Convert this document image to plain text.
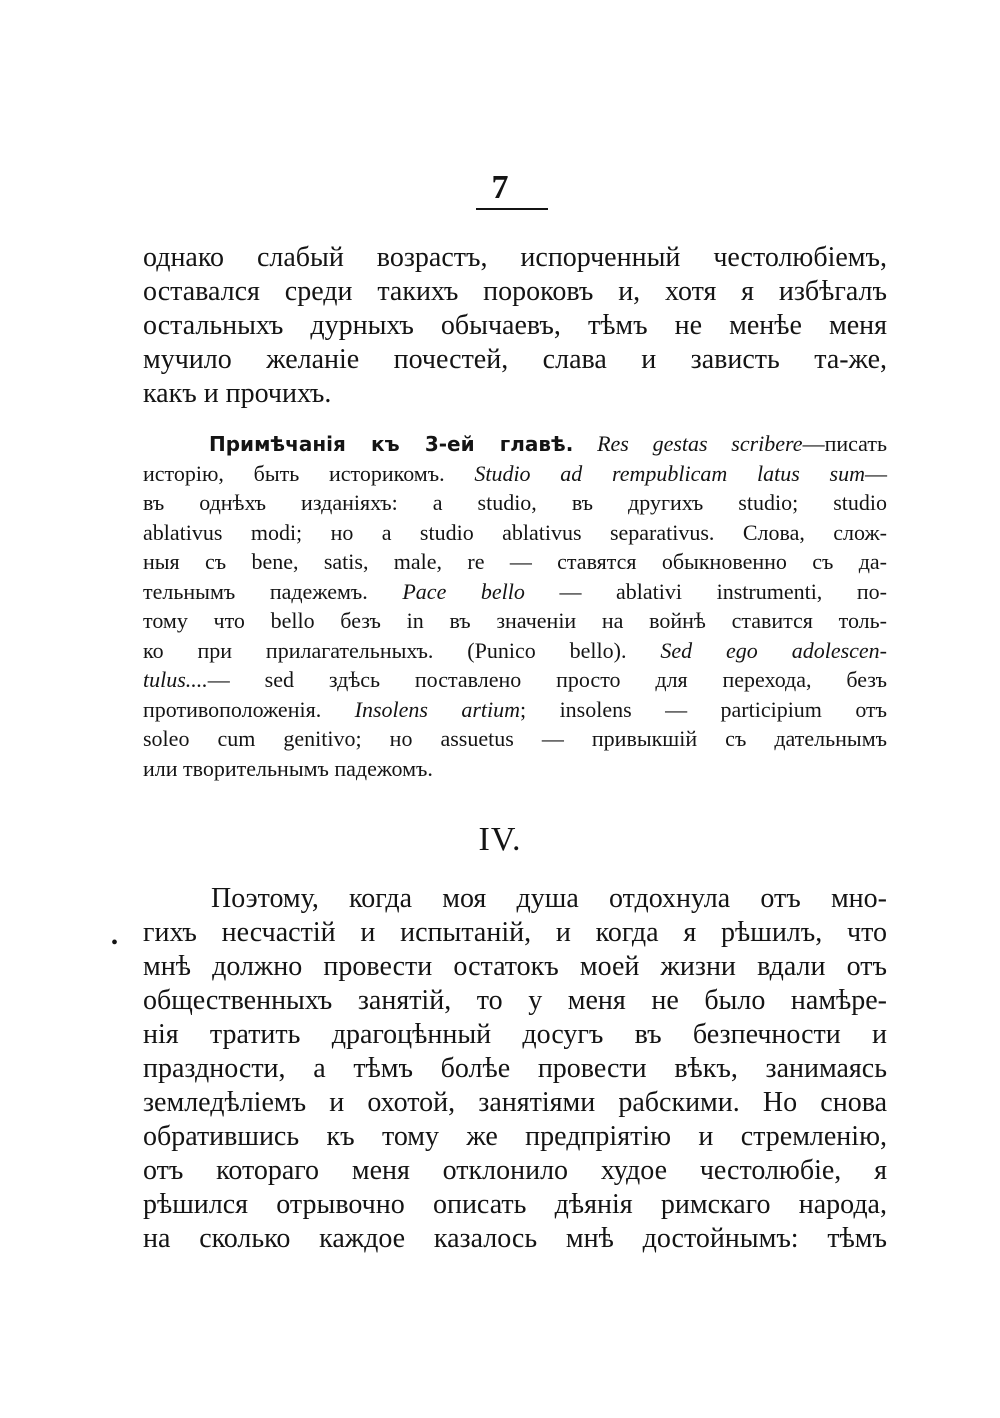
7
однако слабый возрастъ, испорченный честолюбіемъ,
оставался среди такихъ пороковъ и, хотя я избѣгалъ
остальныхъ дурныхъ обычаевъ, тѣмъ не менѣе меня
мучило желаніе почестей, слава и зависть та-же,
какъ и прочихъ.
Примѣчанія къ 3-ей главѣ. Res gestas scribere—писать
исторію, быть историкомъ. Studio ad rempublicam latus sum—
въ однѣхъ изданіяхъ: a studio, въ другихъ studio; studio
ablativus modi; но a studio ablativus separativus. Слова, слож-
ныя съ bene, satis, male, re — ставятся обыкновенно съ да-
тельнымъ падежемъ. Pace bello — ablativi instrumenti, по-
тому что bello безъ in въ значеніи на войнѣ ставится толь-
ко при прилагательныхъ. (Punico bello). Sed ego adolescen-
tulus....— sed здѣсь поставлено просто для перехода, безъ
противоположенія. Insolens artium; insolens — participium отъ
soleo cum genitivo; но assuetus — привыкшій съ дательнымъ
или творительнымъ падежомъ.
IV.
•
Поэтому, когда моя душа отдохнула отъ мно-
гихъ несчастій и испытаній, и когда я рѣшилъ, что
мнѣ должно провести остатокъ моей жизни вдали отъ
общественныхъ занятій, то у меня не было намѣре-
нія тратить драгоцѣнный досугъ въ безпечности и
праздности, а тѣмъ болѣе провести вѣкъ, занимаясь
земледѣліемъ и охотой, занятіями рабскими. Но снова
обратившись къ тому же предпріятію и стремленію,
отъ котораго меня отклонило худое честолюбіе, я
рѣшился отрывочно описать дѣянія римскаго народа,
на сколько каждое казалось мнѣ достойнымъ: тѣмъ
